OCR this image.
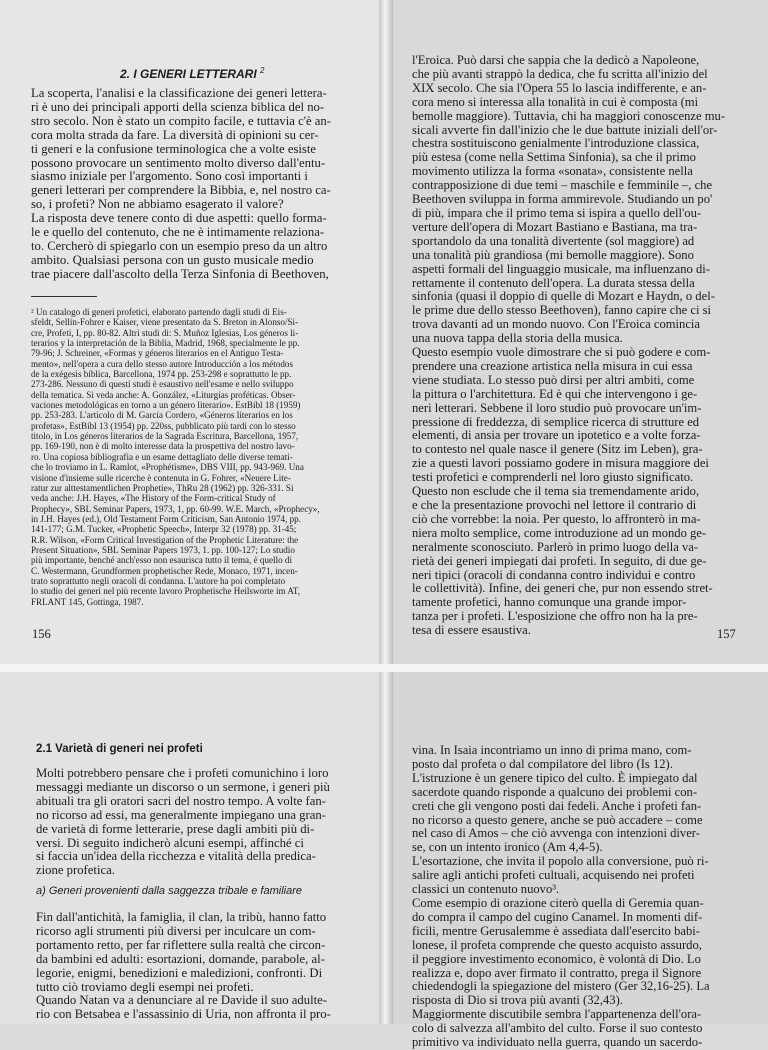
2. I GENERI LETTERARI $^2$
La scoperta, l'analisi e la classificazione dei generi lettera-
ri è uno dei principali apporti della scienza biblica del no-
stro secolo. Non è stato un compito facile, e tuttavia c'è an-
cora molta strada da fare. La diversità di opinioni su cer-
ti generi e la confusione terminologica che a volte esiste
possono provocare un sentimento molto diverso dall'entu-
siasmo iniziale per l'argomento. Sono così importanti i
generi letterari per comprendere la Bibbia, e, nel nostro ca-
so, i profeti? Non ne abbiamo esagerato il valore?
La risposta deve tenere conto di due aspetti: quello forma-
le e quello del contenuto, che ne è intimamente relaziona-
to. Cercherò di spiegarlo con un esempio preso da un altro
ambito. Qualsiasi persona con un gusto musicale medio
trae piacere dall'ascolto della Terza Sinfonia di Beethoven,
² Un catalogo di generi profetici, elaborato partendo dagli studi di Eis-
sfeldt, Sellin-Fohrer e Kaiser, viene presentato da S. Breton in Alonso/Si-
cre, Profeti, I, pp. 80-82. Altri studi di: S. Muñoz Iglesias, Los géneros li-
terarios y la interpretación de la Biblia, Madrid, 1968, specialmente le pp.
79-96; J. Schreiner, «Formas y géneros literarios en el Antiguo Testa-
mento», nell'opera a cura dello stesso autore Introducción a los métodos
de la exégesis bíblica, Barcellona, 1974 pp. 253-298 e soprattutto le pp.
273-286. Nessuno di questi studi è esaustivo nell'esame e nello sviluppo
della tematica. Si veda anche: A. González, «Liturgias proféticas. Obser-
vaciones metodológicas en torno a un género literario». EstBíbl 18 (1959)
pp. 253-283. L'articolo di M. García Cordero, «Géneros literarios en los
profetas», EstBíbl 13 (1954) pp. 220ss, pubblicato più tardi con lo stesso
titolo, in Los géneros literarios de la Sagrada Escritura, Barcellona, 1957,
pp. 169-190, non è di molto interesse data la prospettiva del nostro lavo-
ro. Una copiosa bibliografia e un esame dettagliato delle diverse temati-
che lo troviamo in L. Ramlot, «Prophétisme», DBS VIII, pp. 943-969. Una
visione d'insieme sulle ricerche è contenuta in G. Fohrer, «Neuere Lite-
ratur zur alttestamentlichen Prophetie», ThRu 28 (1962) pp. 326-331. Si
veda anche: J.H. Hayes, «The History of the Form-critical Study of
Prophecy», SBL Seminar Papers, 1973, 1, pp. 60-99. W.E. March, «Prophecy»,
in J.H. Hayes (ed.), Old Testament Form Criticism, San Antonio 1974, pp.
141-177; G.M. Tucker, «Prophetic Speech», Interpr 32 (1978) pp. 31-45;
R.R. Wilson, «Form Critical Investigation of the Prophetic Literature: the
Present Situation», SBL Seminar Papers 1973, 1. pp. 100-127; Lo studio
più importante, benché anch'esso non esaurisca tutto il tema, è quello di
C. Westermann, Grundformen prophetischer Rede, Monaco, 1971, incen-
trato soprattutto negli oracoli di condanna. L'autore ha poi completato
lo studio dei generi nel più recente lavoro Prophetische Heilsworte im AT,
FRLANT 145, Gottinga, 1987.
156
l'Eroica. Può darsi che sappia che la dedicò a Napoleone,
che più avanti strappò la dedica, che fu scritta all'inizio del
XIX secolo. Che sia l'Opera 55 lo lascia indifferente, e an-
cora meno si interessa alla tonalità in cui è composta (mi
bemolle maggiore). Tuttavia, chi ha maggiori conoscenze mu-
sicali avverte fin dall'inizio che le due battute iniziali dell'or-
chestra sostituiscono genialmente l'introduzione classica,
più estesa (come nella Settima Sinfonia), sa che il primo
movimento utilizza la forma «sonata», consistente nella
contrapposizione di due temi – maschile e femminile –, che
Beethoven sviluppa in forma ammirevole. Studiando un po'
di più, impara che il primo tema si ispira a quello dell'ou-
verture dell'opera di Mozart Bastiano e Bastiana, ma tra-
sportandolo da una tonalità divertente (sol maggiore) ad
una tonalità più grandiosa (mi bemolle maggiore). Sono
aspetti formali del linguaggio musicale, ma influenzano di-
rettamente il contenuto dell'opera. La durata stessa della
sinfonia (quasi il doppio di quelle di Mozart e Haydn, o del-
le prime due dello stesso Beethoven), fanno capire che ci si
trova davanti ad un mondo nuovo. Con l'Eroica comincia
una nuova tappa della storia della musica.
Questo esempio vuole dimostrare che si può godere e com-
prendere una creazione artistica nella misura in cui essa
viene studiata. Lo stesso può dirsi per altri ambiti, come
la pittura o l'architettura. Ed è qui che intervengono i ge-
neri letterari. Sebbene il loro studio può provocare un'im-
pressione di freddezza, di semplice ricerca di strutture ed
elementi, di ansia per trovare un ipotetico e a volte forza-
to contesto nel quale nasce il genere (Sitz im Leben), gra-
zie a questi lavori possiamo godere in misura maggiore dei
testi profetici e comprenderli nel loro giusto significato.
Questo non esclude che il tema sia tremendamente arido,
e che la presentazione provochi nel lettore il contrario di
ciò che vorrebbe: la noia. Per questo, lo affronterò in ma-
niera molto semplice, come introduzione ad un mondo ge-
neralmente sconosciuto. Parlerò in primo luogo della va-
rietà dei generi impiegati dai profeti. In seguito, di due ge-
neri tipici (oracoli di condanna contro individui e contro
le collettività). Infine, dei generi che, pur non essendo stret-
tamente profetici, hanno comunque una grande impor-
tanza per i profeti. L'esposizione che offro non ha la pre-
tesa di essere esaustiva.	157
2.1 Varietà di generi nei profeti
Molti potrebbero pensare che i profeti comunichino i loro
messaggi mediante un discorso o un sermone, i generi più
abituali tra gli oratori sacri del nostro tempo. A volte fan-
no ricorso ad essi, ma generalmente impiegano una gran-
de varietà di forme letterarie, prese dagli ambiti più di-
versi. Di seguito indicherò alcuni esempi, affinché ci
si faccia un'idea della ricchezza e vitalità della predica-
zione profetica.
a) Generi provenienti dalla saggezza tribale e familiare
Fin dall'antichità, la famiglia, il clan, la tribù, hanno fatto
ricorso agli strumenti più diversi per inculcare un com-
portamento retto, per far riflettere sulla realtà che circon-
da bambini ed adulti: esortazioni, domande, parabole, al-
legorie, enigmi, benedizioni e maledizioni, confronti. Di
tutto ciò troviamo degli esempi nei profeti.
Quando Natan va a denunciare al re Davide il suo adulte-
rio con Betsabea e l'assassinio di Uria, non affronta il pro-
vina. In Isaia incontriamo un inno di prima mano, com-
posto dal profeta o dal compilatore del libro (Is 12).
L'istruzione è un genere tipico del culto. È impiegato dal
sacerdote quando risponde a qualcuno dei problemi con-
creti che gli vengono posti dai fedeli. Anche i profeti fan-
no ricorso a questo genere, anche se può accadere – come
nel caso di Amos – che ciò avvenga con intenzioni diver-
se, con un intento ironico (Am 4,4-5).
L'esortazione, che invita il popolo alla conversione, può ri-
salire agli antichi profeti cultuali, acquisendo nei profeti
classici un contenuto nuovo³.
Come esempio di orazione citerò quella di Geremia quan-
do compra il campo del cugino Canamel. In momenti dif-
ficili, mentre Gerusalemme è assediata dall'esercito babi-
lonese, il profeta comprende che questo acquisto assurdo,
il peggiore investimento economico, è volontà di Dio. Lo
realizza e, dopo aver firmato il contratto, prega il Signore
chiedendogli la spiegazione del mistero (Ger 32,16-25). La
risposta di Dio si trova più avanti (32,43).
Maggiormente discutibile sembra l'appartenenza dell'ora-
colo di salvezza all'ambito del culto. Forse il suo contesto
primitivo va individuato nella guerra, quando un sacerdo-
